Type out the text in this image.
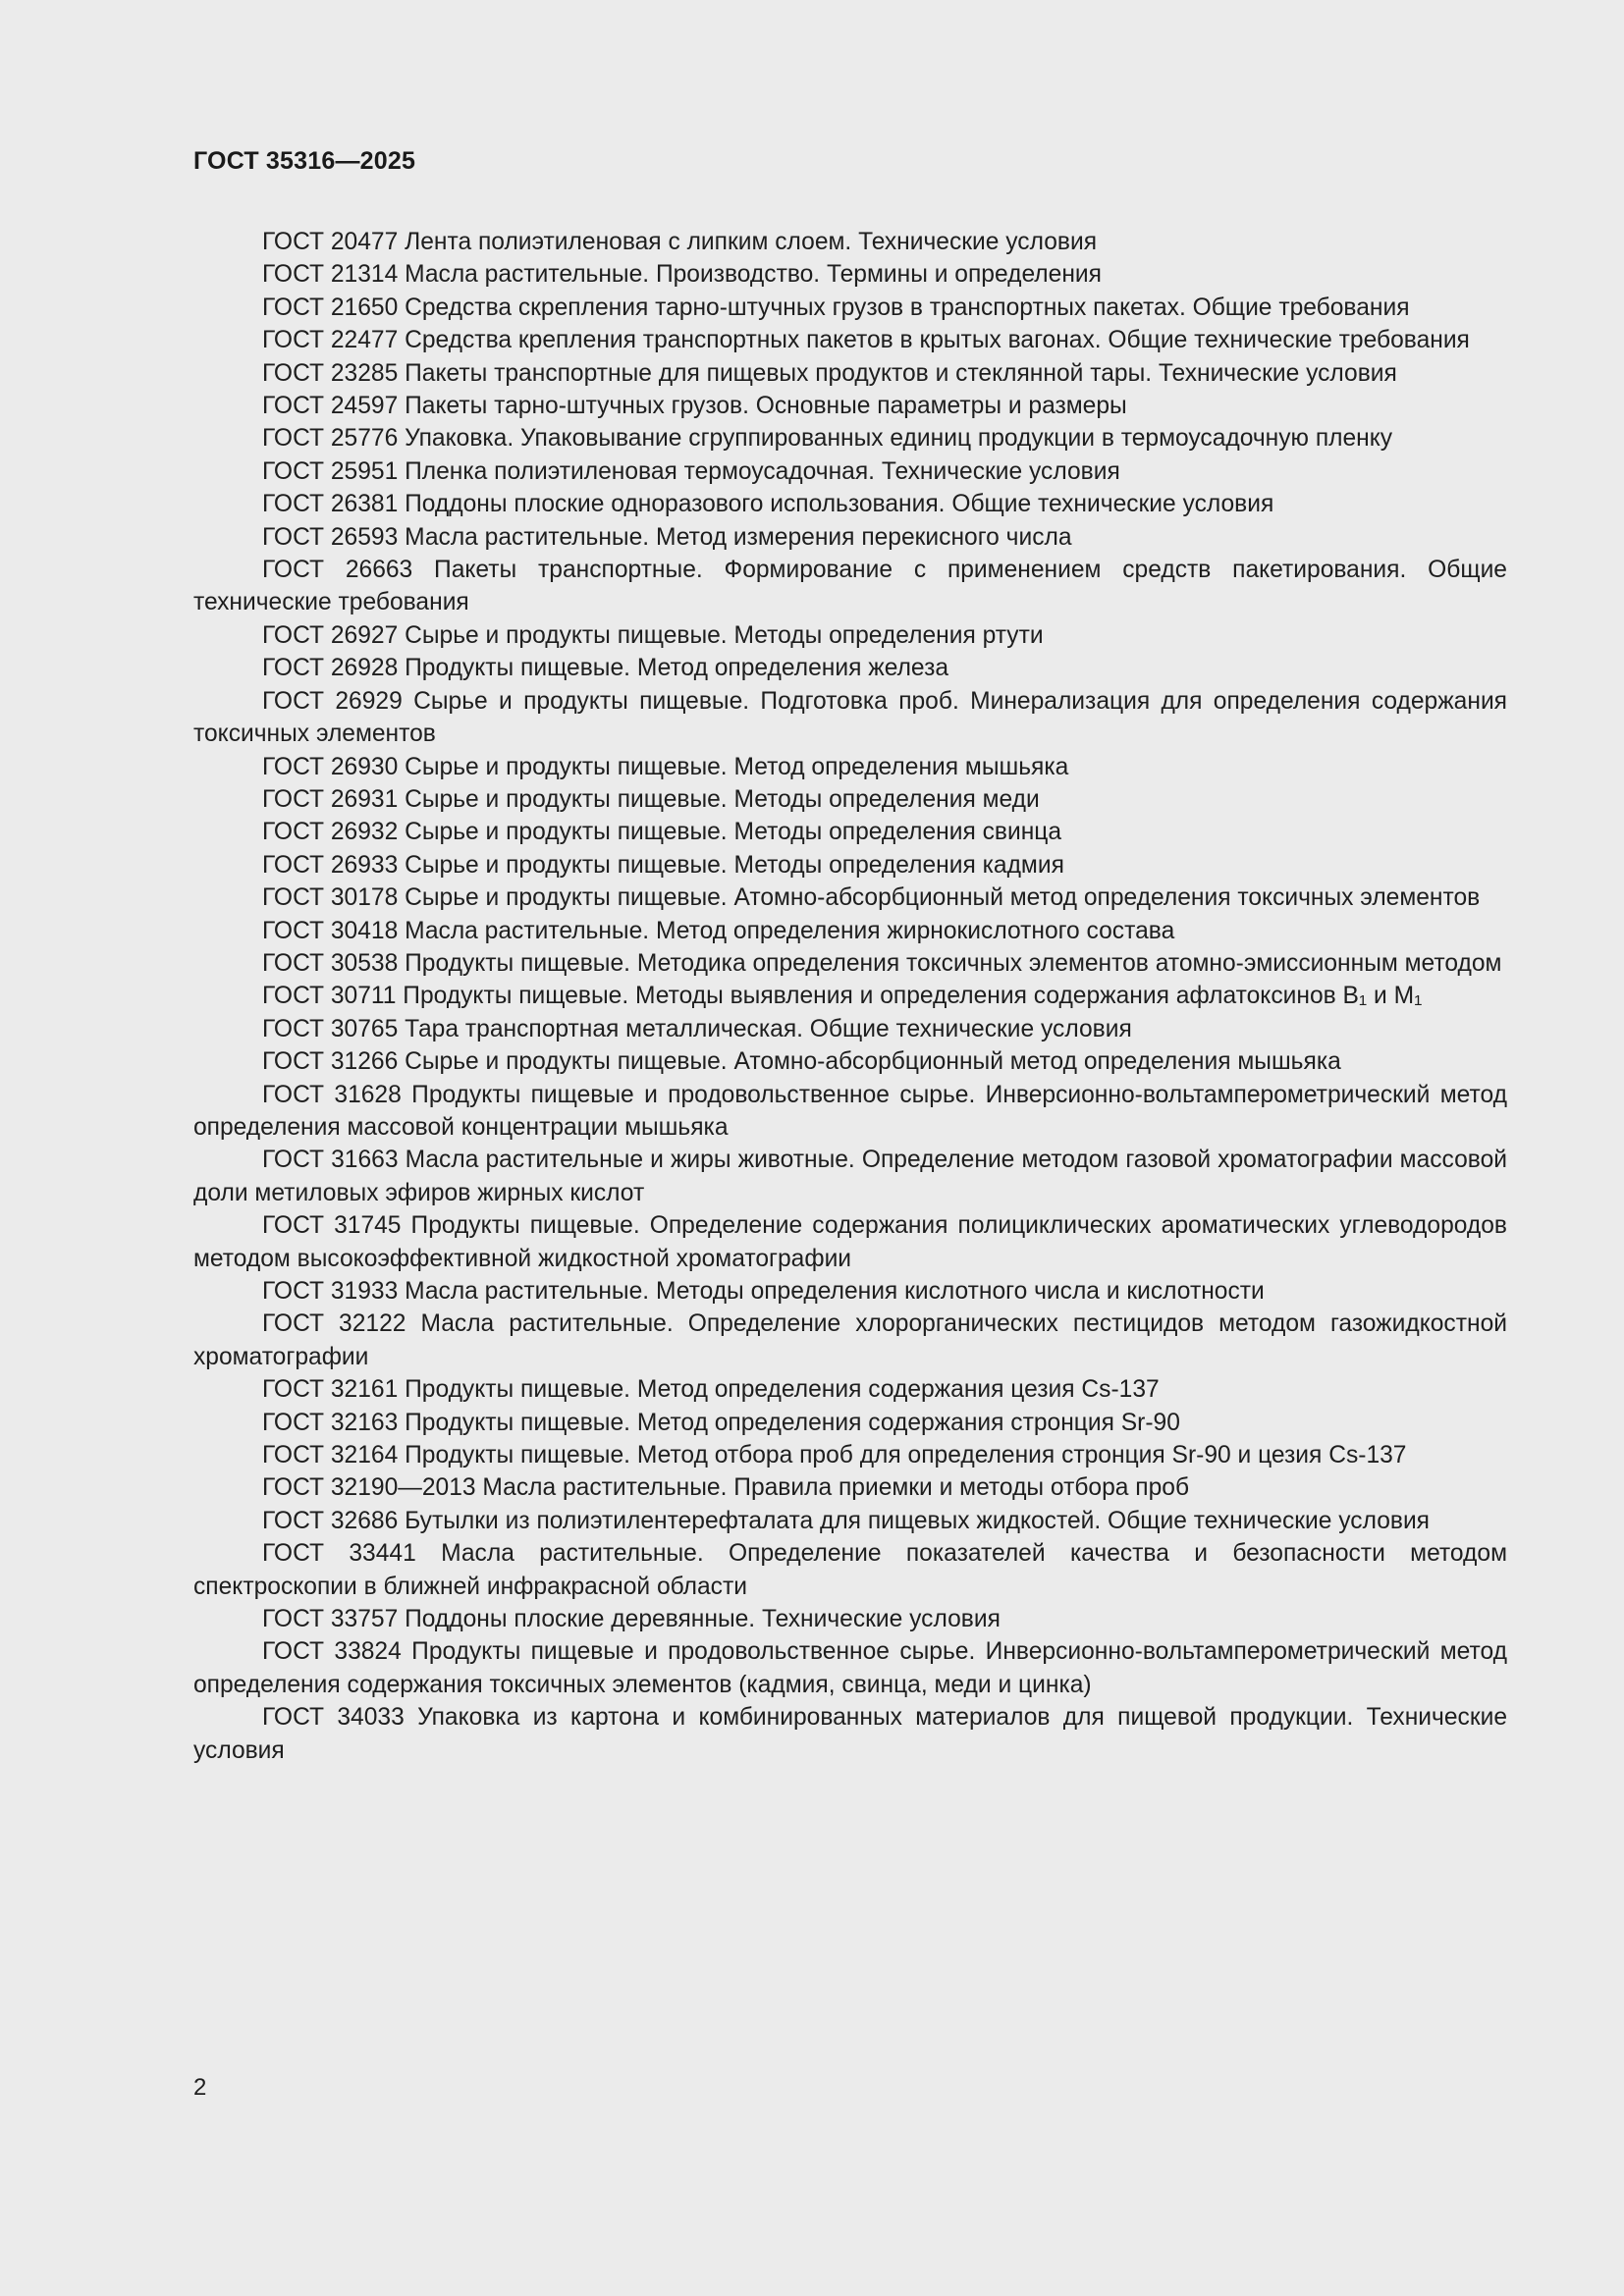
ГОСТ 35316—2025
ГОСТ 20477 Лента полиэтиленовая с липким слоем. Технические условия
ГОСТ 21314 Масла растительные. Производство. Термины и определения
ГОСТ 21650 Средства скрепления тарно-штучных грузов в транспортных пакетах. Общие требования
ГОСТ 22477 Средства крепления транспортных пакетов в крытых вагонах. Общие технические требования
ГОСТ 23285 Пакеты транспортные для пищевых продуктов и стеклянной тары. Технические условия
ГОСТ 24597 Пакеты тарно-штучных грузов. Основные параметры и размеры
ГОСТ 25776 Упаковка. Упаковывание сгруппированных единиц продукции в термоусадочную пленку
ГОСТ 25951 Пленка полиэтиленовая термоусадочная. Технические условия
ГОСТ 26381 Поддоны плоские одноразового использования. Общие технические условия
ГОСТ 26593 Масла растительные. Метод измерения перекисного числа
ГОСТ 26663 Пакеты транспортные. Формирование с применением средств пакетирования. Общие технические требования
ГОСТ 26927 Сырье и продукты пищевые. Методы определения ртути
ГОСТ 26928 Продукты пищевые. Метод определения железа
ГОСТ 26929 Сырье и продукты пищевые. Подготовка проб. Минерализация для определения содержания токсичных элементов
ГОСТ 26930 Сырье и продукты пищевые. Метод определения мышьяка
ГОСТ 26931 Сырье и продукты пищевые. Методы определения меди
ГОСТ 26932 Сырье и продукты пищевые. Методы определения свинца
ГОСТ 26933 Сырье и продукты пищевые. Методы определения кадмия
ГОСТ 30178 Сырье и продукты пищевые. Атомно-абсорбционный метод определения токсичных элементов
ГОСТ 30418 Масла растительные. Метод определения жирнокислотного состава
ГОСТ 30538 Продукты пищевые. Методика определения токсичных элементов атомно-эмиссионным методом
ГОСТ 30711 Продукты пищевые. Методы выявления и определения содержания афлатоксинов B₁ и M₁
ГОСТ 30765 Тара транспортная металлическая. Общие технические условия
ГОСТ 31266 Сырье и продукты пищевые. Атомно-абсорбционный метод определения мышьяка
ГОСТ 31628 Продукты пищевые и продовольственное сырье. Инверсионно-вольтамперометрический метод определения массовой концентрации мышьяка
ГОСТ 31663 Масла растительные и жиры животные. Определение методом газовой хроматографии массовой доли метиловых эфиров жирных кислот
ГОСТ 31745 Продукты пищевые. Определение содержания полициклических ароматических углеводородов методом высокоэффективной жидкостной хроматографии
ГОСТ 31933 Масла растительные. Методы определения кислотного числа и кислотности
ГОСТ 32122 Масла растительные. Определение хлорорганических пестицидов методом газожидкостной хроматографии
ГОСТ 32161 Продукты пищевые. Метод определения содержания цезия Cs-137
ГОСТ 32163 Продукты пищевые. Метод определения содержания стронция Sr-90
ГОСТ 32164 Продукты пищевые. Метод отбора проб для определения стронция Sr-90 и цезия Cs-137
ГОСТ 32190—2013 Масла растительные. Правила приемки и методы отбора проб
ГОСТ 32686 Бутылки из полиэтилентерефталата для пищевых жидкостей. Общие технические условия
ГОСТ 33441 Масла растительные. Определение показателей качества и безопасности методом спектроскопии в ближней инфракрасной области
ГОСТ 33757 Поддоны плоские деревянные. Технические условия
ГОСТ 33824 Продукты пищевые и продовольственное сырье. Инверсионно-вольтамперометрический метод определения содержания токсичных элементов (кадмия, свинца, меди и цинка)
ГОСТ 34033 Упаковка из картона и комбинированных материалов для пищевой продукции. Технические условия
2
